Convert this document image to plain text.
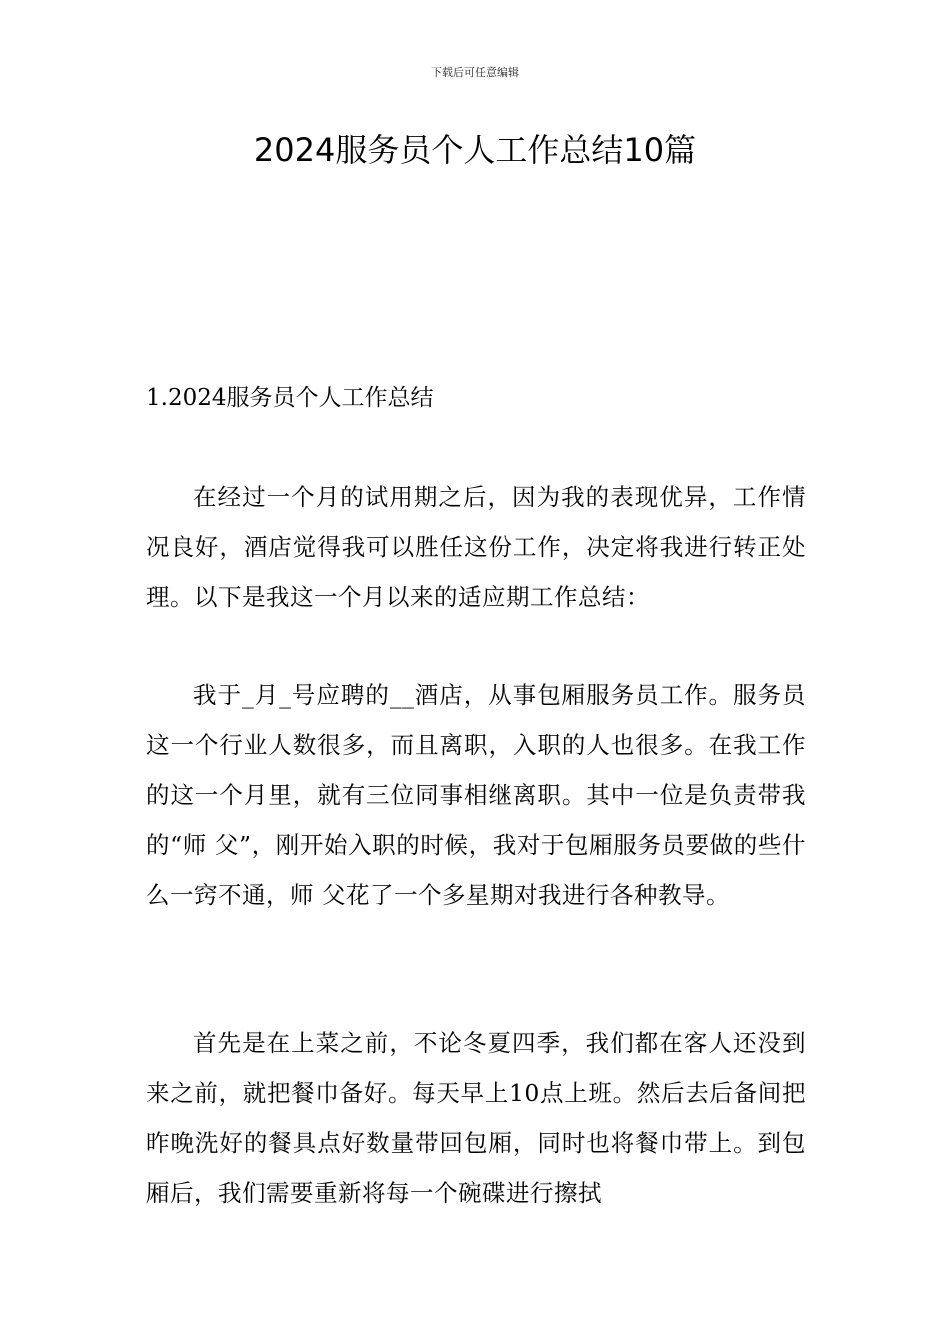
下载后可任意编辑
2024服务员个人工作总结10篇
1.2024服务员个人工作总结

在经过一个月的试用期之后，因为我的表现优异，工作情况良好，酒店觉得我可以胜任这份工作，决定将我进行转正处理。以下是我这一个月以来的适应期工作总结：

我于_月_号应聘的__酒店，从事包厢服务员工作。服务员这一个行业人数很多，而且离职，入职的人也很多。在我工作的这一个月里，就有三位同事相继离职。其中一位是负责带我的“师 父”，刚开始入职的时候，我对于包厢服务员要做的些什么一窍不通，师 父花了一个多星期对我进行各种教导。

首先是在上菜之前，不论冬夏四季，我们都在客人还没到来之前，就把餐巾备好。每天早上10点上班。然后去后备间把昨晚洗好的餐具点好数量带回包厢，同时也将餐巾带上。到包厢后，我们需要重新将每一个碗碟进行擦拭
